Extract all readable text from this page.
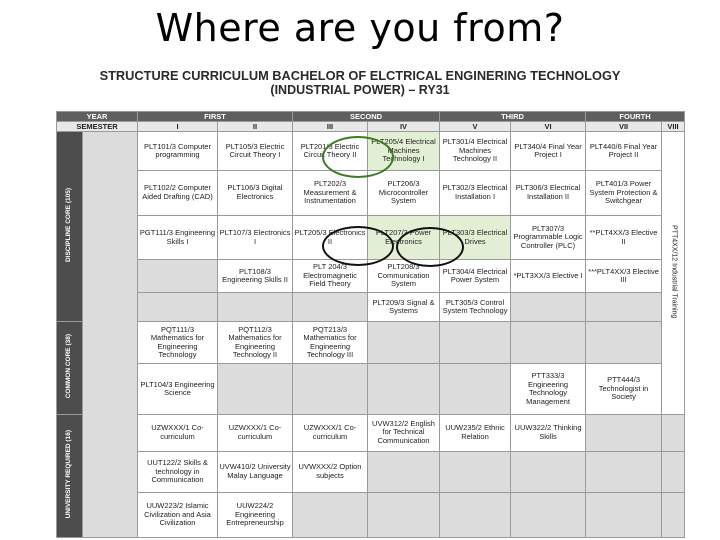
Where are you from?
STRUCTURE CURRICULUM BACHELOR OF ELCTRICAL ENGINERING TECHNOLOGY
(INDUSTRIAL POWER) – RY31
YEAR		FIRST		SECOND		THIRD		FOURTH	
SEMESTER		I	II	III	IV	V	VI	VII	VIII
DISCIPLINE CORE (105)		PLT101/3 Computer programming	PLT105/3 Electric Circuit Theory I	PLT201/3 Electric Circuit Theory II	PLT205/4 Electrical Machines Technology I	PLT301/4 Electrical Machines Technology II	PLT340/4 Final Year Project I	PLT440/6 Final Year Project II	PTT4XX/12 Industrial Training
		PLT102/2 Computer Aided Drafting (CAD)	PLT106/3 Digital Electronics	PLT202/3 Measurement & Instrumentation	PLT206/3 Microcontroller System	PLT302/3 Electrical Installation I	PLT306/3 Electrical Installation II	PLT401/3 Power System Protection & Switchgear	
		PGT111/3 Engineering Skills I	PLT107/3 Electronics I	PLT205/3 Electronics II	PLT207/3 Power Electronics	PLT303/3 Electrical Drives	PLT307/3 Programmable Logic Controller (PLC)	**PLT4XX/3 Elective II	
			PLT108/3 Engineering Skills II	PLT 204/3 Electromagnetic Field Theory	PLT208/3 Communication System	PLT304/4 Electrical Power System	*PLT3XX/3 Elective I	***PLT4XX/3 Elective III	
					PLT209/3 Signal & Systems	PLT305/3 Control System Technology			
COMMON CORE (38)		PQT111/3 Mathematics for Engineering Technology	PQT112/3 Mathematics for Engineering Technology II	PQT213/3 Mathematics for Engineering Technology III					
		PLT104/3 Engineering Science					PTT333/3 Engineering Technology Management	PTT444/3 Technologist in Society	
UNIVERSITY REQUIRED (16)		UZWXXX/1 Co-curriculum	UZWXXX/1 Co-curriculum	UZWXXX/1 Co-curriculum	UVW312/2 English for Technical Communication	UUW235/2 Ethnic Relation	UUW322/2 Thinking Skills		
		UUT122/2 Skills & technology in Communication	UVW410/2 University Malay Language	UVWXXX/2 Option subjects					
		UUW223/2 Islamic Civilization and Asia Civilization	UUW224/2 Engineering Entrepreneurship						
